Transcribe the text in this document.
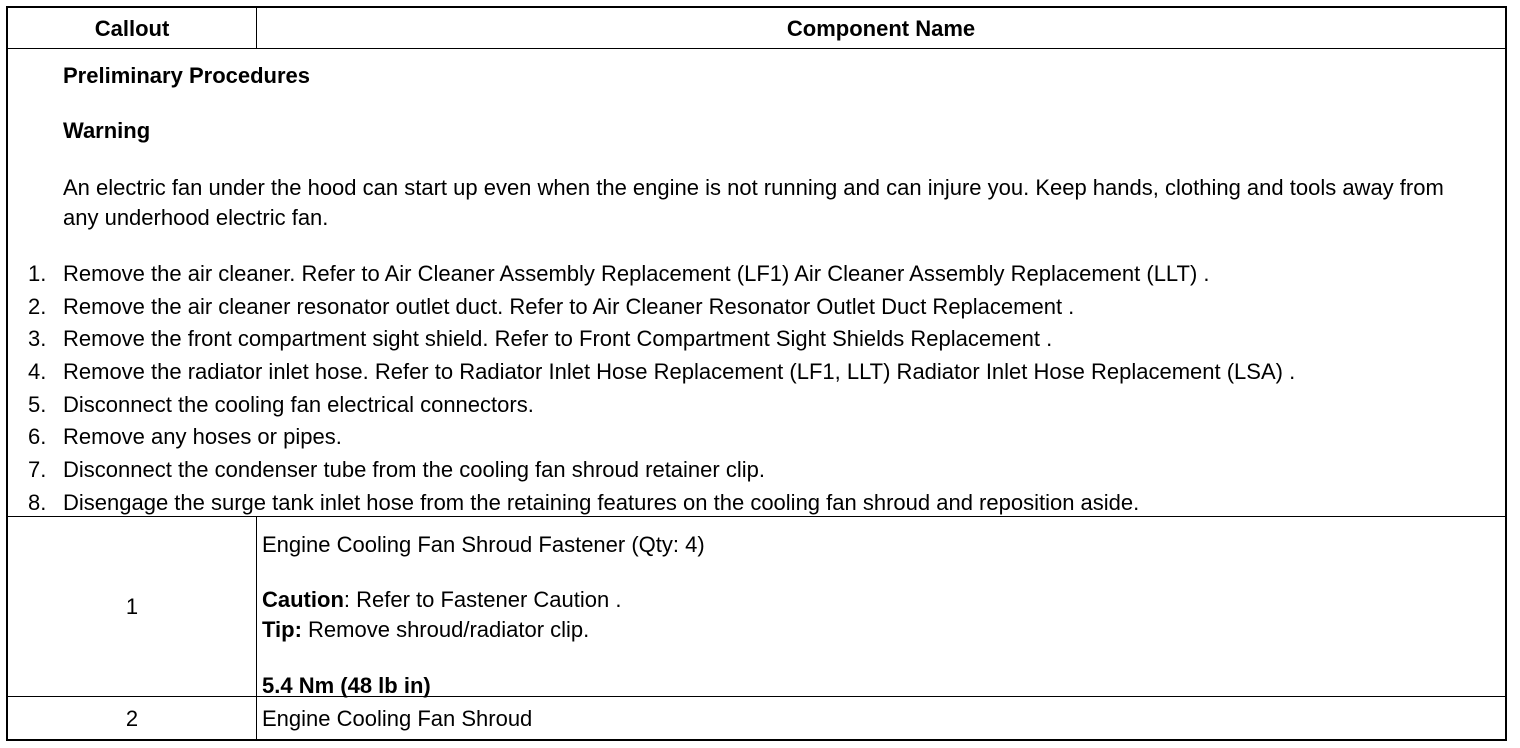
Callout	Component Name
Preliminary Procedures
Warning
An electric fan under the hood can start up even when the engine is not running and can injure you. Keep hands, clothing and tools away from any underhood electric fan.
1. Remove the air cleaner. Refer to Air Cleaner Assembly Replacement (LF1) Air Cleaner Assembly Replacement (LLT) .
2. Remove the air cleaner resonator outlet duct. Refer to Air Cleaner Resonator Outlet Duct Replacement .
3. Remove the front compartment sight shield. Refer to Front Compartment Sight Shields Replacement .
4. Remove the radiator inlet hose. Refer to Radiator Inlet Hose Replacement (LF1, LLT) Radiator Inlet Hose Replacement (LSA) .
5. Disconnect the cooling fan electrical connectors.
6. Remove any hoses or pipes.
7. Disconnect the condenser tube from the cooling fan shroud retainer clip.
8. Disengage the surge tank inlet hose from the retaining features on the cooling fan shroud and reposition aside.
1
Engine Cooling Fan Shroud Fastener (Qty: 4)
Caution: Refer to Fastener Caution .
Tip: Remove shroud/radiator clip.
5.4 Nm (48 lb in)
2	Engine Cooling Fan Shroud
